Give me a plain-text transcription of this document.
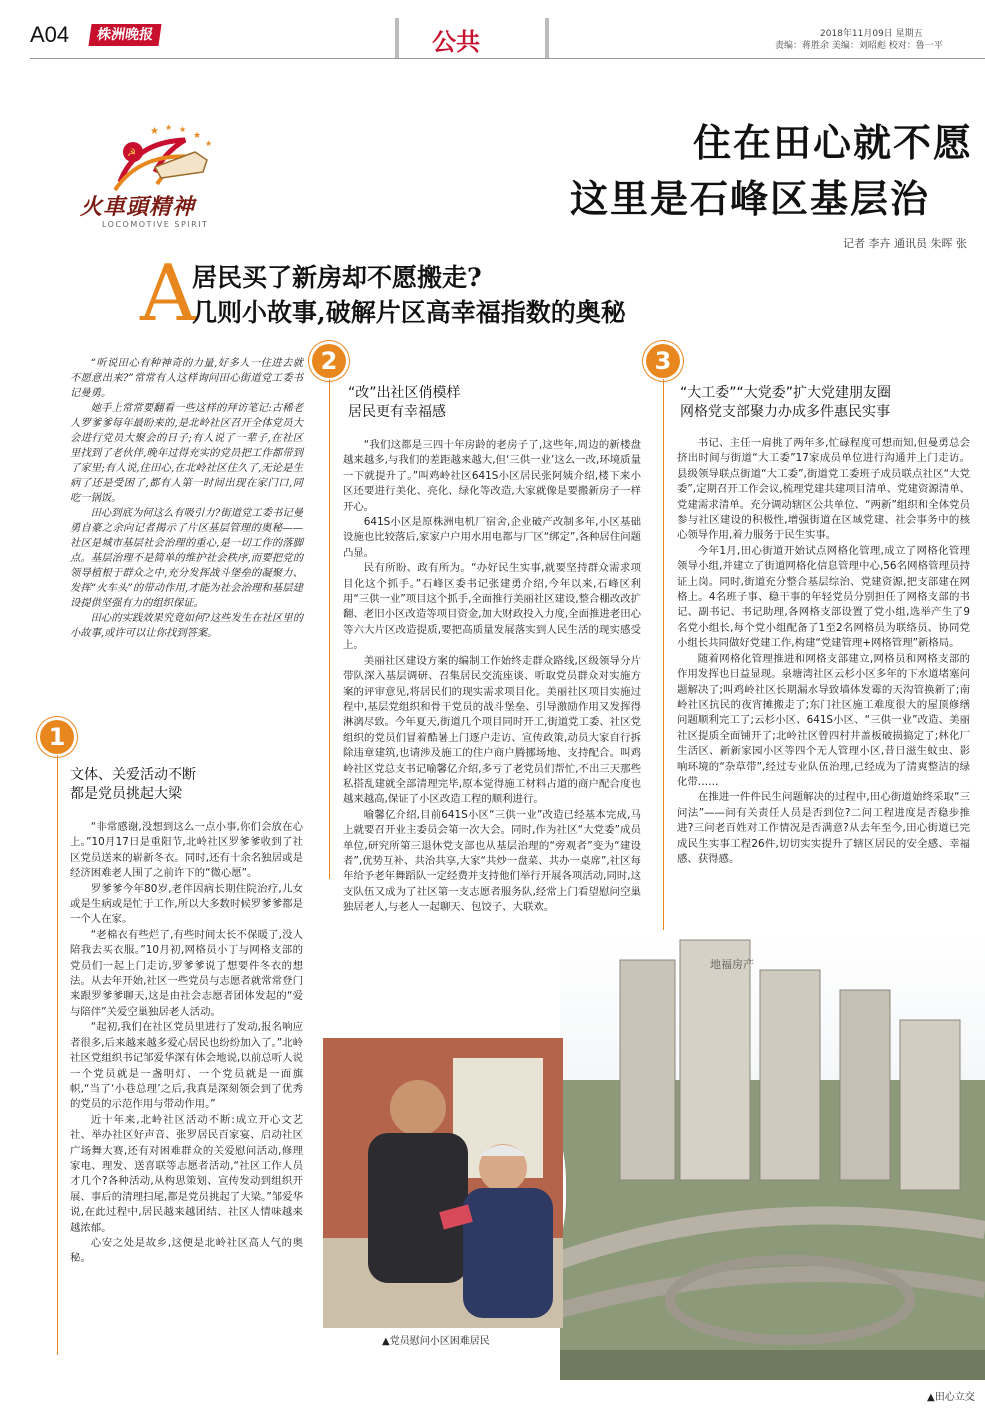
A04	株洲晚报	公共	2018年11月09日 星期五
责编：蒋胜余 美编：刘昭彪 校对：鲁一平
☭
★ ★ ★
★
★
火車頭精神
LOCOMOTIVE SPIRIT
住在田心就不愿
这里是石峰区基层治
记者 李卉 通讯员 朱晖 张
A
居民买了新房却不愿搬走?
几则小故事,破解片区高幸福指数的奥秘

“听说田心有种神奇的力量,好多人一住进去就不愿意出来?”常常有人这样询问田心街道党工委书记曼勇。

她手上常常要翻看一些这样的拜访笔记:古稀老人罗爹爹每年最盼来的,是北岭社区召开全体党员大会进行党员大聚会的日子;有人说了一辈子,在社区里找到了老伙伴,晚年过得充实的党员把工作都带到了家里;有人说,住田心,在北岭社区住久了,无论是生病了还是受困了,都有人第一时间出现在家门口,同吃一锅饭。

田心到底为何这么有吸引力?街道党工委书记曼勇自豪之余向记者揭示了片区基层管理的奥秘——社区是城市基层社会治理的重心,是一切工作的落脚点。基层治理不是简单的维护社会秩序,而要把党的领导植根于群众之中,充分发挥战斗堡垒的凝聚力、发挥“火车头”的带动作用,才能为社会治理和基层建设提供坚强有力的组织保证。

田心的实践效果究竟如何?这些发生在社区里的小故事,或许可以让你找到答案。

1
文体、关爱活动不断
都是党员挑起大梁
2
“改”出社区俏模样
居民更有幸福感
3
“大工委”“大党委”扩大党建朋友圈
网格党支部聚力办成多件惠民实事

“非常感谢,没想到这么一点小事,你们会放在心上。”10月17日是重阳节,北岭社区罗爹爹收到了社区党员送来的崭新冬衣。同时,还有十余名独居或是经济困难老人围了之前许下的“微心愿”。

罗爹爹今年80岁,老伴因病长期住院治疗,儿女或是生病或是忙于工作,所以大多数时候罗爹爹都是一个人在家。

“老棉衣有些烂了,有些时间太长不保暖了,没人陪我去买衣服。”10月初,网格员小丁与网格支部的党员们一起上门走访,罗爹爹说了想要件冬衣的想法。从去年开始,社区一些党员与志愿者就常常登门来跟罗爹爹聊天,这是由社会志愿者团体发起的“爱与陪伴”关爱空巢独居老人活动。

“起初,我们在社区党员里进行了发动,报名响应者很多,后来越来越多爱心居民也纷纷加入了。”北岭社区党组织书记邹爱华深有体会地说,以前总听人说一个党员就是一盏明灯、一个党员就是一面旗帜,“当了‘小巷总理’之后,我真是深刻领会到了优秀的党员的示范作用与带动作用。”

近十年来,北岭社区活动不断:成立开心文艺社、举办社区好声音、张罗居民百家宴、启动社区广场舞大赛,还有对困难群众的关爱慰问活动,修理家电、理发、送喜联等志愿者活动,“社区工作人员才几个?各种活动,从构思策划、宣传发动到组织开展、事后的清理扫尾,都是党员挑起了大梁。”邹爱华说,在此过程中,居民越来越团结、社区人情味越来越浓郁。

心安之处是故乡,这便是北岭社区高人气的奥秘。

“我们这都是三四十年房龄的老房子了,这些年,周边的新楼盘越来越多,与我们的差距越来越大,但‘三供一业’这么一改,环境质量一下就提升了。”叫鸡岭社区641S小区居民张阿姨介绍,楼下来小区还要进行美化、亮化、绿化等改造,大家就像是要搬新房子一样开心。

641S小区是原株洲电机厂宿舍,企业破产改制多年,小区基础设施也比较落后,家家户户用水用电都与厂区“绑定”,各种居住问题凸显。

民有所盼、政有所为。“办好民生实事,就要坚持群众需求项目化这个抓手。”石峰区委书记张建勇介绍,今年以来,石峰区利用“三供一业”项目这个抓手,全面推行美丽社区建设,整合棚改改扩翻、老旧小区改造等项目资金,加大财政投入力度,全面推进老田心等六大片区改造提质,要把高质量发展落实到人民生活的现实感受上。

美丽社区建设方案的编制工作始终走群众路线,区级领导分片带队深入基层调研、召集居民交流座谈、听取党员群众对实施方案的评审意见,将居民们的现实需求项目化。美丽社区项目实施过程中,基层党组织和骨干党员的战斗堡垒、引导激励作用又发挥得淋漓尽致。今年夏天,街道几个项目同时开工,街道党工委、社区党组织的党员们冒着酷暑上门逐户走访、宣传政策,动员大家自行拆除违章建筑,也请涉及施工的住户商户腾挪场地、支持配合。叫鸡岭社区党总支书记喻馨亿介绍,多亏了老党员们帮忙,不出三天那些私搭乱建就全部清理完毕,原本觉得施工材料占道的商户配合度也越来越高,保证了小区改造工程的顺利进行。

喻馨亿介绍,目前641S小区“三供一业”改造已经基本完成,马上就要召开业主委员会第一次大会。同时,作为社区“大党委”成员单位,研究所第三退休党支部也从基层治理的“旁观者”变为“建设者”,优势互补、共治共享,大家“共炒一盘菜、共办一桌席”,社区每年给予老年舞蹈队一定经费并支持他们举行开展各项活动,同时,这支队伍又成为了社区第一支志愿者服务队,经常上门看望慰问空巢独居老人,与老人一起聊天、包饺子、大联欢。

书记、主任一肩挑了两年多,忙碌程度可想而知,但曼勇总会挤出时间与街道“大工委”17家成员单位进行沟通并上门走访。县级领导联点街道“大工委”,街道党工委班子成员联点社区“大党委”,定期召开工作会议,梳理党建共建项目清单、党建资源清单、党建需求清单。充分调动辖区公共单位、“两新”组织和全体党员参与社区建设的积极性,增强街道在区域党建、社会事务中的核心领导作用,着力服务于民生实事。

今年1月,田心街道开始试点网格化管理,成立了网格化管理领导小组,并建立了街道网格化信息管理中心,56名网格管理员持证上岗。同时,街道充分整合基层综治、党建资源,把支部建在网格上。4名班子事、稳干事的年轻党员分别担任了网格支部的书记、副书记、书记助理,各网格支部设置了党小组,选举产生了9名党小组长,每个党小组配备了1至2名网格员为联络员、协同党小组长共同做好党建工作,构建“党建管理+网格管理”新格局。

随着网格化管理推进和网格支部建立,网格员和网格支部的作用发挥也日益显现。泉塘湾社区云杉小区多年的下水道堵塞问题解决了;叫鸡岭社区长期漏水导致墙体发霉的天沟管换新了;南岭社区抗民的夜宵摊搬走了;东门社区施工难度很大的屋顶修缮问题顺利完工了;云杉小区、641S小区、“三供一业”改造、美丽社区提质全面铺开了;北岭社区曾四村井盖板破损搞定了;林化厂生活区、新新家园小区等四个无人管理小区,昔日滋生蚊虫、影响环境的“杂草带”,经过专业队伍治理,已经成为了清爽整洁的绿化带……

在推进一件件民生问题解决的过程中,田心街道始终采取“三问法”——问有关责任人员是否到位?二问工程进度是否稳步推进?三问老百姓对工作情况是否满意?从去年至今,田心街道已完成民生实事工程26件,切切实实提升了辖区居民的安全感、幸福感、获得感。

地福房产
▲田心立交
▲党员慰问小区困难居民
